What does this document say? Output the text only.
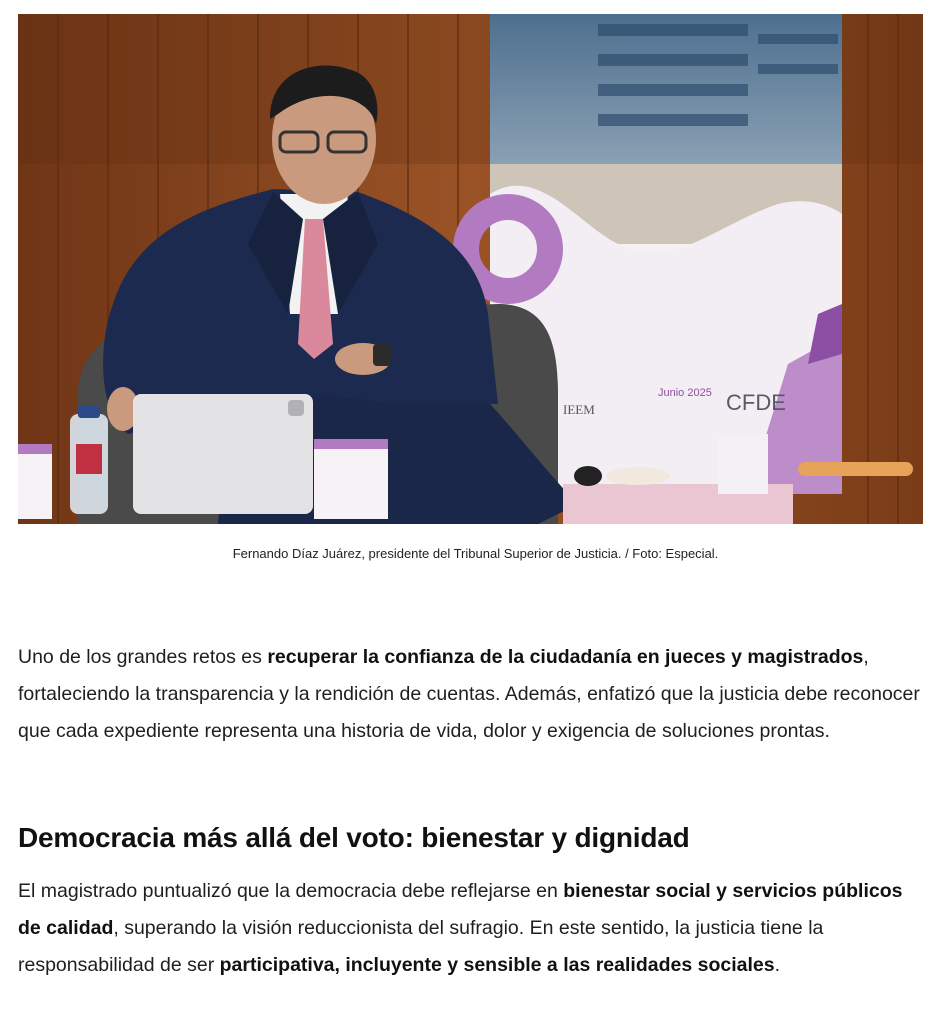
IEEM
Junio 2025 CFDE
Fernando Díaz Juárez, presidente del Tribunal Superior de Justicia. / Foto: Especial.

Uno de los grandes retos es recuperar la confianza de la ciudadanía en jueces y magistrados, fortaleciendo la transparencia y la rendición de cuentas. Además, enfatizó que la justicia debe reconocer que cada expediente representa una historia de vida, dolor y exigencia de soluciones prontas.

Democracia más allá del voto: bienestar y dignidad

El magistrado puntualizó que la democracia debe reflejarse en bienestar social y servicios públicos de calidad, superando la visión reduccionista del sufragio. En este sentido, la justicia tiene la responsabilidad de ser participativa, incluyente y sensible a las realidades sociales.
